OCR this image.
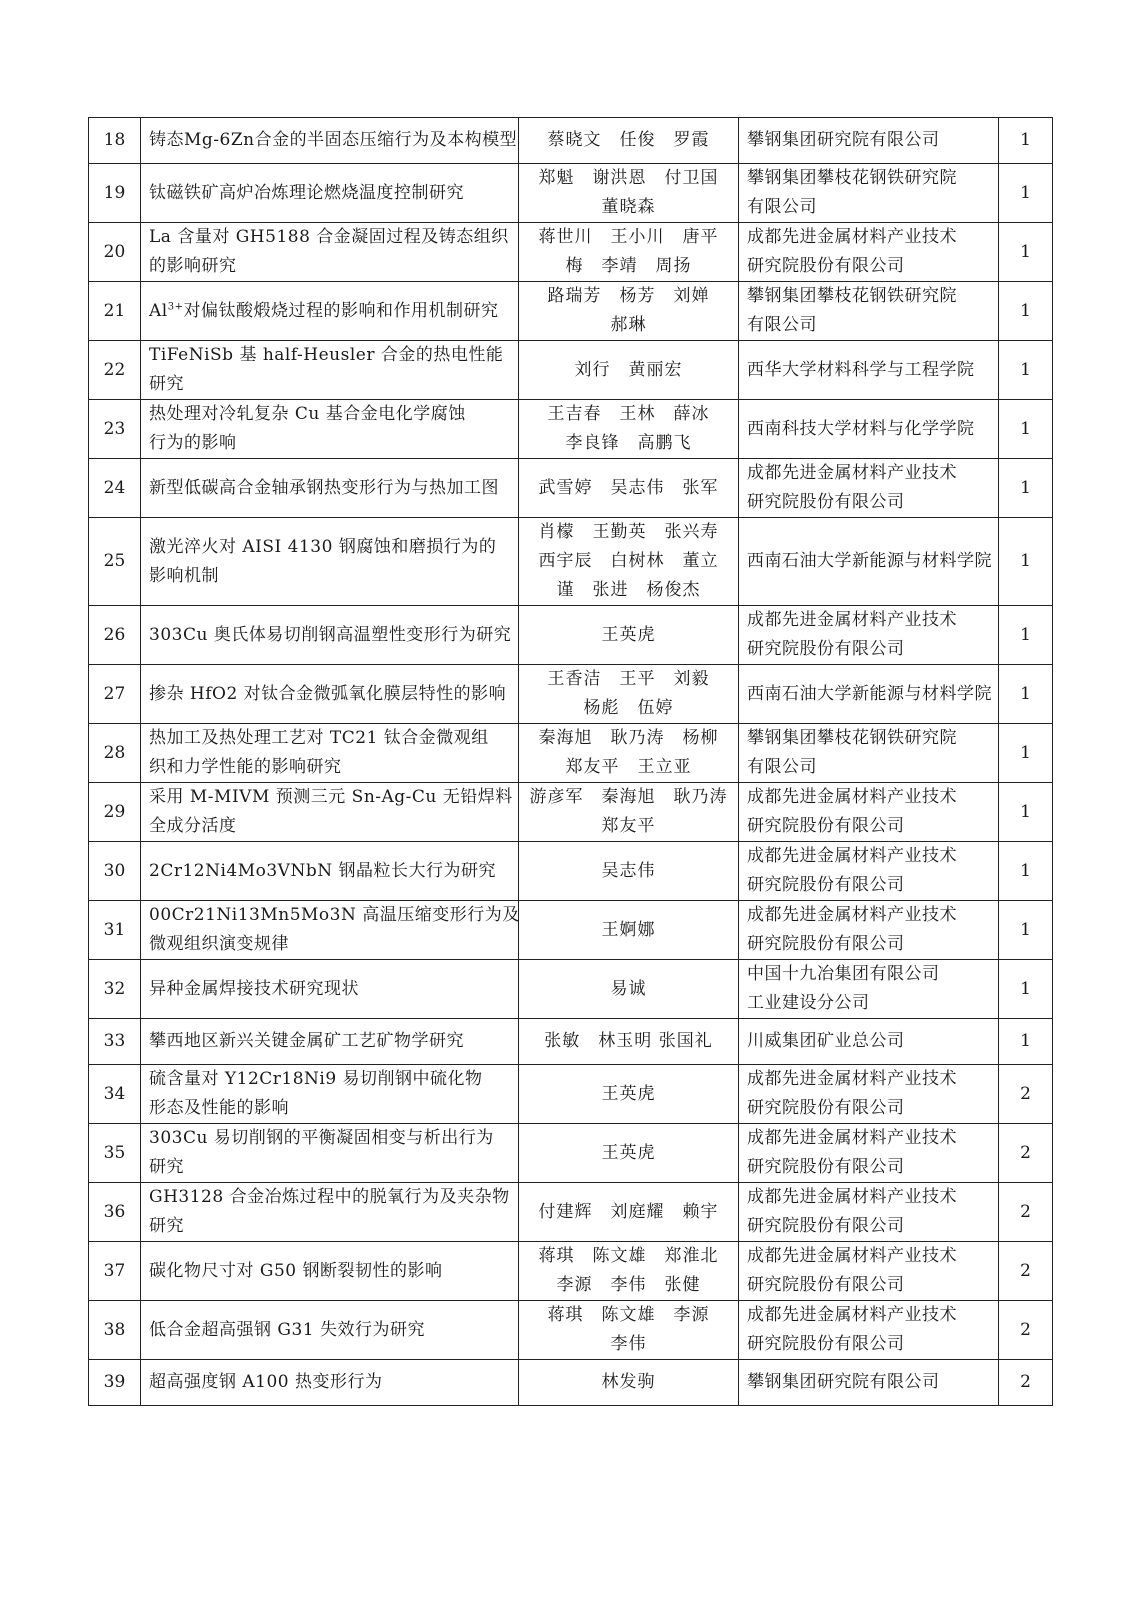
18	铸态Mg-6Zn合金的半固态压缩行为及本构模型	蔡晓文　任俊　罗霞	攀钢集团研究院有限公司	1
19	钛磁铁矿高炉冶炼理论燃烧温度控制研究	郑魁　谢洪恩　付卫国
董晓森	攀钢集团攀枝花钢铁研究院
有限公司	1
20	La 含量对 GH5188 合金凝固过程及铸态组织
的影响研究	蒋世川　王小川　唐平
梅　李靖　周扬	成都先进金属材料产业技术
研究院股份有限公司	1
21	$Al^{3+}$对偏钛酸煅烧过程的影响和作用机制研究	路瑞芳　杨芳　刘婵
郝琳	攀钢集团攀枝花钢铁研究院
有限公司	1
22	TiFeNiSb 基 half-Heusler 合金的热电性能
研究	刘行　黄丽宏	西华大学材料科学与工程学院	1
23	热处理对冷轧复杂 Cu 基合金电化学腐蚀
行为的影响	王吉春　王林　薛冰
李良锋　高鹏飞	西南科技大学材料与化学学院	1
24	新型低碳高合金轴承钢热变形行为与热加工图	武雪婷　吴志伟　张军	成都先进金属材料产业技术
研究院股份有限公司	1
25	激光淬火对 AISI 4130 钢腐蚀和磨损行为的
影响机制	肖檬　王勤英　张兴寿
西宇辰　白树林　董立
谨　张进　杨俊杰	西南石油大学新能源与材料学院	1
26	303Cu 奥氏体易切削钢高温塑性变形行为研究	王英虎	成都先进金属材料产业技术
研究院股份有限公司	1
27	掺杂 HfO2 对钛合金微弧氧化膜层特性的影响	王香洁　王平　刘毅
杨彪　伍婷	西南石油大学新能源与材料学院	1
28	热加工及热处理工艺对 TC21 钛合金微观组
织和力学性能的影响研究	秦海旭　耿乃涛　杨柳
郑友平　王立亚	攀钢集团攀枝花钢铁研究院
有限公司	1
29	采用 M-MIVM 预测三元 Sn-Ag-Cu 无铅焊料
全成分活度	游彦军　秦海旭　耿乃涛
郑友平	成都先进金属材料产业技术
研究院股份有限公司	1
30	2Cr12Ni4Mo3VNbN 钢晶粒长大行为研究	吴志伟	成都先进金属材料产业技术
研究院股份有限公司	1
31	00Cr21Ni13Mn5Mo3N 高温压缩变形行为及
微观组织演变规律	王婀娜	成都先进金属材料产业技术
研究院股份有限公司	1
32	异种金属焊接技术研究现状	易诚	中国十九冶集团有限公司
工业建设分公司	1
33	攀西地区新兴关键金属矿工艺矿物学研究	张敏　林玉明 张国礼	川威集团矿业总公司	1
34	硫含量对 Y12Cr18Ni9 易切削钢中硫化物
形态及性能的影响	王英虎	成都先进金属材料产业技术
研究院股份有限公司	2
35	303Cu 易切削钢的平衡凝固相变与析出行为
研究	王英虎	成都先进金属材料产业技术
研究院股份有限公司	2
36	GH3128 合金冶炼过程中的脱氧行为及夹杂物
研究	付建辉　刘庭耀　赖宇	成都先进金属材料产业技术
研究院股份有限公司	2
37	碳化物尺寸对 G50 钢断裂韧性的影响	蒋琪　陈文雄　郑淮北
李源　李伟　张健	成都先进金属材料产业技术
研究院股份有限公司	2
38	低合金超高强钢 G31 失效行为研究	蒋琪　陈文雄　李源
李伟	成都先进金属材料产业技术
研究院股份有限公司	2
39	超高强度钢 A100 热变形行为	林发驹	攀钢集团研究院有限公司	2
